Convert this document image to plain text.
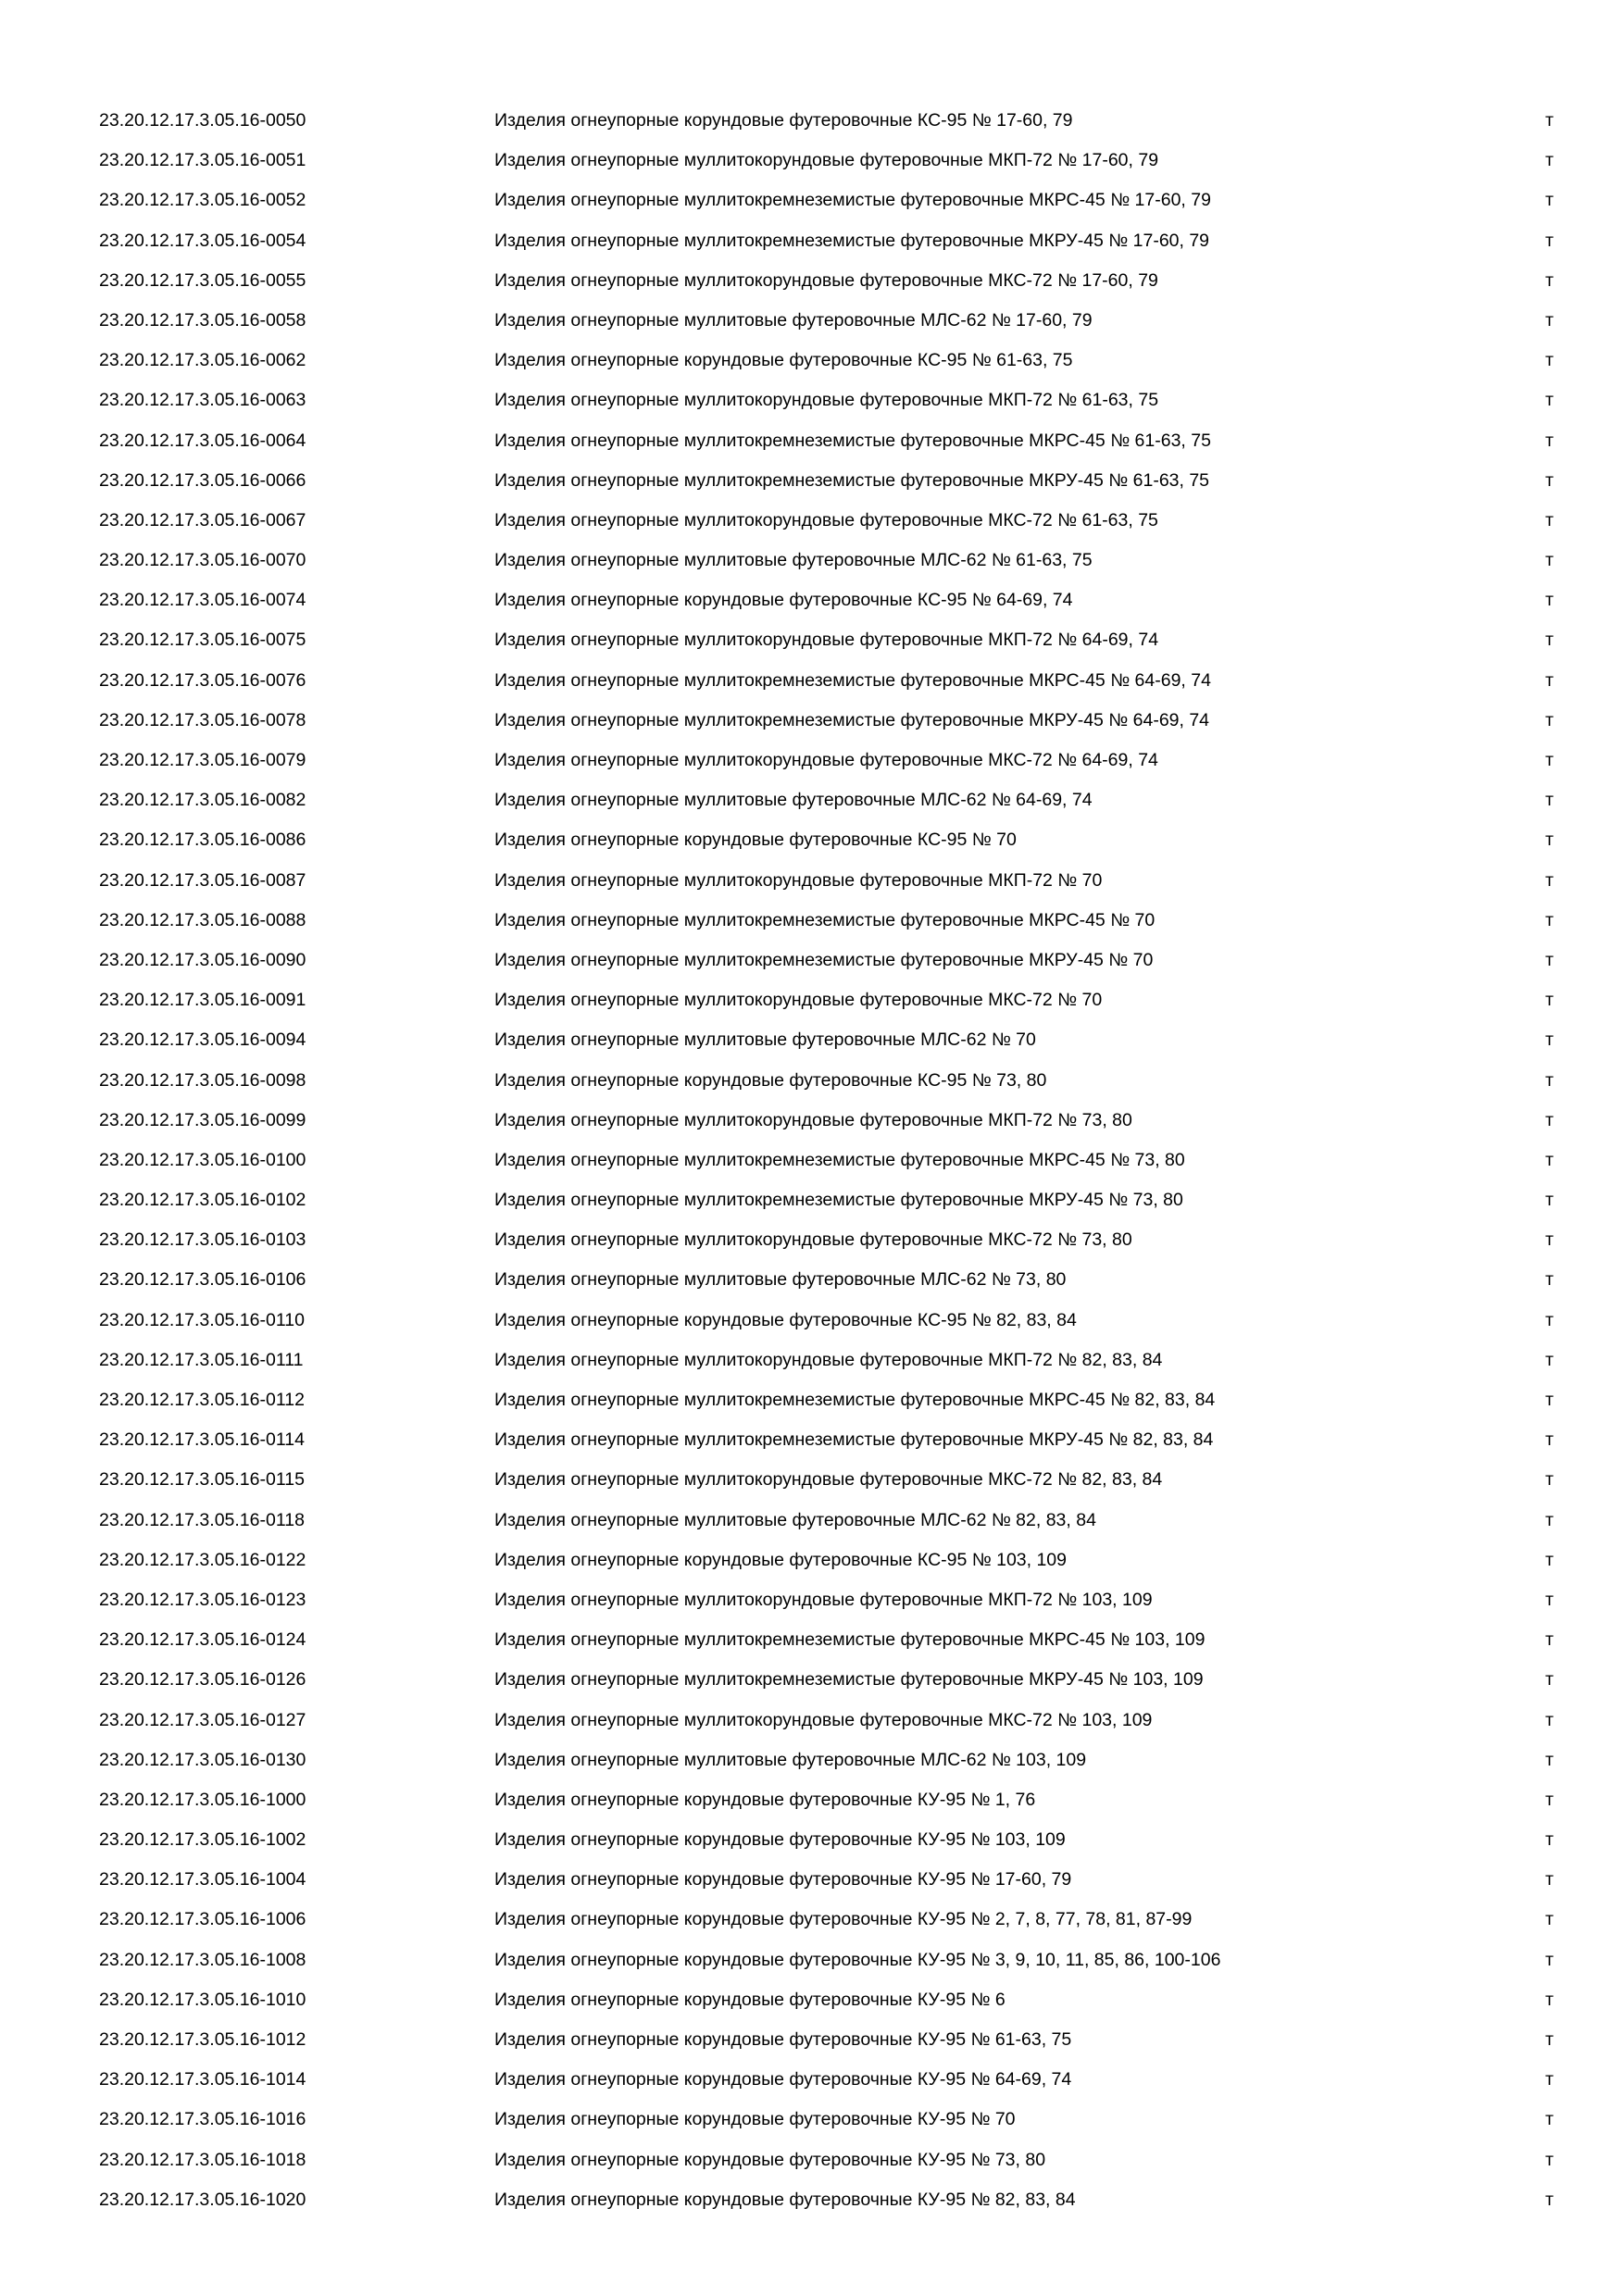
23.20.12.17.3.05.16-0050	Изделия огнеупорные корундовые футеровочные КС-95 № 17-60, 79	т
23.20.12.17.3.05.16-0051	Изделия огнеупорные муллитокорундовые футеровочные МКП-72 № 17-60, 79	т
23.20.12.17.3.05.16-0052	Изделия огнеупорные муллитокремнеземистые футеровочные МКРС-45 № 17-60, 79	т
23.20.12.17.3.05.16-0054	Изделия огнеупорные муллитокремнеземистые футеровочные МКРУ-45 № 17-60, 79	т
23.20.12.17.3.05.16-0055	Изделия огнеупорные муллитокорундовые футеровочные МКС-72 № 17-60, 79	т
23.20.12.17.3.05.16-0058	Изделия огнеупорные муллитовые футеровочные МЛС-62 № 17-60, 79	т
23.20.12.17.3.05.16-0062	Изделия огнеупорные корундовые футеровочные КС-95 № 61-63, 75	т
23.20.12.17.3.05.16-0063	Изделия огнеупорные муллитокорундовые футеровочные МКП-72 № 61-63, 75	т
23.20.12.17.3.05.16-0064	Изделия огнеупорные муллитокремнеземистые футеровочные МКРС-45 № 61-63, 75	т
23.20.12.17.3.05.16-0066	Изделия огнеупорные муллитокремнеземистые футеровочные МКРУ-45 № 61-63, 75	т
23.20.12.17.3.05.16-0067	Изделия огнеупорные муллитокорундовые футеровочные МКС-72 № 61-63, 75	т
23.20.12.17.3.05.16-0070	Изделия огнеупорные муллитовые футеровочные МЛС-62 № 61-63, 75	т
23.20.12.17.3.05.16-0074	Изделия огнеупорные корундовые футеровочные КС-95 № 64-69, 74	т
23.20.12.17.3.05.16-0075	Изделия огнеупорные муллитокорундовые футеровочные МКП-72 № 64-69, 74	т
23.20.12.17.3.05.16-0076	Изделия огнеупорные муллитокремнеземистые футеровочные МКРС-45 № 64-69, 74	т
23.20.12.17.3.05.16-0078	Изделия огнеупорные муллитокремнеземистые футеровочные МКРУ-45 № 64-69, 74	т
23.20.12.17.3.05.16-0079	Изделия огнеупорные муллитокорундовые футеровочные МКС-72 № 64-69, 74	т
23.20.12.17.3.05.16-0082	Изделия огнеупорные муллитовые футеровочные МЛС-62 № 64-69, 74	т
23.20.12.17.3.05.16-0086	Изделия огнеупорные корундовые футеровочные КС-95 № 70	т
23.20.12.17.3.05.16-0087	Изделия огнеупорные муллитокорундовые футеровочные МКП-72 № 70	т
23.20.12.17.3.05.16-0088	Изделия огнеупорные муллитокремнеземистые футеровочные МКРС-45 № 70	т
23.20.12.17.3.05.16-0090	Изделия огнеупорные муллитокремнеземистые футеровочные МКРУ-45 № 70	т
23.20.12.17.3.05.16-0091	Изделия огнеупорные муллитокорундовые футеровочные МКС-72 № 70	т
23.20.12.17.3.05.16-0094	Изделия огнеупорные муллитовые футеровочные МЛС-62 № 70	т
23.20.12.17.3.05.16-0098	Изделия огнеупорные корундовые футеровочные КС-95 № 73, 80	т
23.20.12.17.3.05.16-0099	Изделия огнеупорные муллитокорундовые футеровочные МКП-72 № 73, 80	т
23.20.12.17.3.05.16-0100	Изделия огнеупорные муллитокремнеземистые футеровочные МКРС-45 № 73, 80	т
23.20.12.17.3.05.16-0102	Изделия огнеупорные муллитокремнеземистые футеровочные МКРУ-45 № 73, 80	т
23.20.12.17.3.05.16-0103	Изделия огнеупорные муллитокорундовые футеровочные МКС-72 № 73, 80	т
23.20.12.17.3.05.16-0106	Изделия огнеупорные муллитовые футеровочные МЛС-62 № 73, 80	т
23.20.12.17.3.05.16-0110	Изделия огнеупорные корундовые футеровочные КС-95 № 82, 83, 84	т
23.20.12.17.3.05.16-0111	Изделия огнеупорные муллитокорундовые футеровочные МКП-72 № 82, 83, 84	т
23.20.12.17.3.05.16-0112	Изделия огнеупорные муллитокремнеземистые футеровочные МКРС-45 № 82, 83, 84	т
23.20.12.17.3.05.16-0114	Изделия огнеупорные муллитокремнеземистые футеровочные МКРУ-45 № 82, 83, 84	т
23.20.12.17.3.05.16-0115	Изделия огнеупорные муллитокорундовые футеровочные МКС-72 № 82, 83, 84	т
23.20.12.17.3.05.16-0118	Изделия огнеупорные муллитовые футеровочные МЛС-62 № 82, 83, 84	т
23.20.12.17.3.05.16-0122	Изделия огнеупорные корундовые футеровочные КС-95 № 103, 109	т
23.20.12.17.3.05.16-0123	Изделия огнеупорные муллитокорундовые футеровочные МКП-72 № 103, 109	т
23.20.12.17.3.05.16-0124	Изделия огнеупорные муллитокремнеземистые футеровочные МКРС-45 № 103, 109	т
23.20.12.17.3.05.16-0126	Изделия огнеупорные муллитокремнеземистые футеровочные МКРУ-45 № 103, 109	т
23.20.12.17.3.05.16-0127	Изделия огнеупорные муллитокорундовые футеровочные МКС-72 № 103, 109	т
23.20.12.17.3.05.16-0130	Изделия огнеупорные муллитовые футеровочные МЛС-62 № 103, 109	т
23.20.12.17.3.05.16-1000	Изделия огнеупорные корундовые футеровочные КУ-95 № 1, 76	т
23.20.12.17.3.05.16-1002	Изделия огнеупорные корундовые футеровочные КУ-95 № 103, 109	т
23.20.12.17.3.05.16-1004	Изделия огнеупорные корундовые футеровочные КУ-95 № 17-60, 79	т
23.20.12.17.3.05.16-1006	Изделия огнеупорные корундовые футеровочные КУ-95 № 2, 7, 8, 77, 78, 81, 87-99	т
23.20.12.17.3.05.16-1008	Изделия огнеупорные корундовые футеровочные КУ-95 № 3, 9, 10, 11, 85, 86, 100-106	т
23.20.12.17.3.05.16-1010	Изделия огнеупорные корундовые футеровочные КУ-95 № 6	т
23.20.12.17.3.05.16-1012	Изделия огнеупорные корундовые футеровочные КУ-95 № 61-63, 75	т
23.20.12.17.3.05.16-1014	Изделия огнеупорные корундовые футеровочные КУ-95 № 64-69, 74	т
23.20.12.17.3.05.16-1016	Изделия огнеупорные корундовые футеровочные КУ-95 № 70	т
23.20.12.17.3.05.16-1018	Изделия огнеупорные корундовые футеровочные КУ-95 № 73, 80	т
23.20.12.17.3.05.16-1020	Изделия огнеупорные корундовые футеровочные КУ-95 № 82, 83, 84	т
